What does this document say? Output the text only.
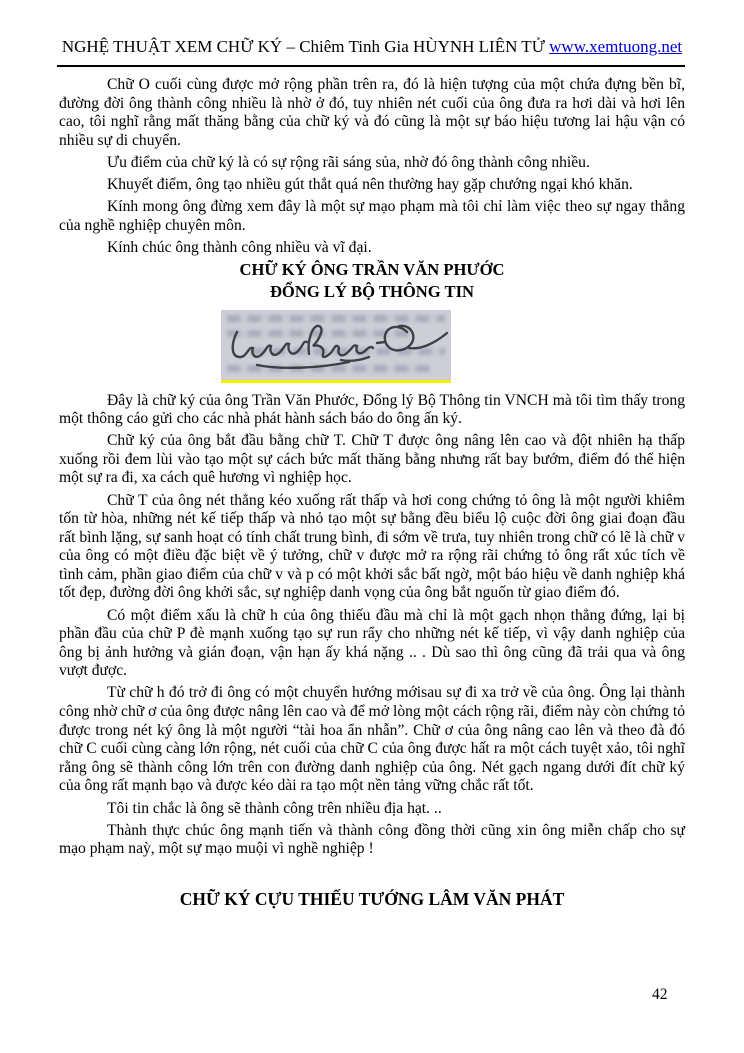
NGHỆ THUẬT XEM CHỮ KÝ – Chiêm Tinh Gia HÙYNH LIÊN TỬ www.xemtuong.net

Chữ O cuối cùng được mở rộng phần trên ra, đó là hiện tượng của một chứa đựng bền bĩ, đường đời ông thành công nhiều là nhờ ở đó, tuy nhiên nét cuối của ông đưa ra hơi dài và hơi lên cao, tôi nghĩ rằng mất thăng bằng của chữ ký và đó cũng là một sự báo hiệu tương lai hậu vận có nhiều sự di chuyển.

Ưu điểm của chữ ký là có sự rộng rãi sáng sủa, nhờ đó ông thành công nhiều.

Khuyết điểm, ông tạo nhiều gút thắt quá nên thường hay gặp chướng ngại khó khăn.

Kính mong ông đừng xem đây là một sự mạo phạm mà tôi chỉ làm việc theo sự ngay thẳng của nghề nghiệp chuyên môn.

Kính chúc ông thành công nhiều và vĩ đại.

CHỮ KÝ ÔNG TRẦN VĂN PHƯỚC

ĐỔNG LÝ BỘ THÔNG TIN

Đây là chữ ký của ông Trần Văn Phước, Đổng lý Bộ Thông tin VNCH mà tôi tìm thấy trong một thông cáo gửi cho các nhà phát hành sách báo do ông ấn ký.

Chữ ký của ông bắt đầu bằng chữ T. Chữ T được ông nâng lên cao và đột nhiên hạ thấp xuống rồi đem lùi vào tạo một sự cách bức mất thăng bằng nhưng rất bay bướm, điểm đó thể hiện một sự ra đi, xa cách quê hương vì nghiệp học.

Chữ T của ông nét thẳng kéo xuống rất thấp và hơi cong chứng tỏ ông là một người khiêm tốn từ hòa, những nét kế tiếp thấp và nhỏ tạo một sự bằng đều biểu lộ cuộc đời ông giai đoạn đầu rất bình lặng, sự sanh hoạt có tính chất trung bình, đi sớm về trưa, tuy nhiên trong chữ có lẽ là chữ v của ông có một điều đặc biệt về ý tưởng, chữ v được mở ra rộng rãi chứng tỏ ông rất xúc tích về tình cảm, phần giao điểm của chữ v và p có một khởi sắc bất ngờ, một báo hiệu về danh nghiệp khá tốt đẹp, đường đời ông khởi sắc, sự nghiệp danh vọng của ông bắt nguốn từ giao điểm đó.

Có một điểm xấu là chữ h của ông thiếu đầu mà chỉ là một gạch nhọn thẳng đứng, lại bị phần đầu của chữ P đè mạnh xuống tạo sự run rẩy cho những nét kế tiếp, vì vậy danh nghiệp của ông bị ảnh hưởng và gián đoạn, vận hạn ấy khá nặng .. . Dù sao thì ông cũng đã trải qua và ông vượt được.

Từ chữ h đó trở đi ông có một chuyển hướng mớisau sự đi xa trở về của ông. Ông lại thành công nhờ chữ ơ của ông được nâng lên cao và để mở lòng một cách rộng rãi, điểm này còn chứng tỏ được trong nét ký ông là một người “tài hoa ẩn nhẫn”. Chữ ơ của ông nâng cao lên và theo đà đó chữ C cuối cùng càng lớn rộng, nét cuối của chữ C của ông được hất ra một cách tuyệt xảo, tôi nghĩ rằng ông sẽ thành công lớn trên con đường danh nghiệp của ông. Nét gạch ngang dưới đít chữ ký của ông rất mạnh bạo và được kéo dài ra tạo một nền tảng vững chắc rất tốt.

Tôi tin chắc là ông sẽ thành công trên nhiều địa hạt. ..

Thành thực chúc ông mạnh tiến và thành công đồng thời cũng xin ông miễn chấp cho sự mạo phạm naỳ, một sự mạo muội vì nghề nghiệp !

CHỮ KÝ CỰU THIẾU TƯỚNG LÂM VĂN PHÁT
42
